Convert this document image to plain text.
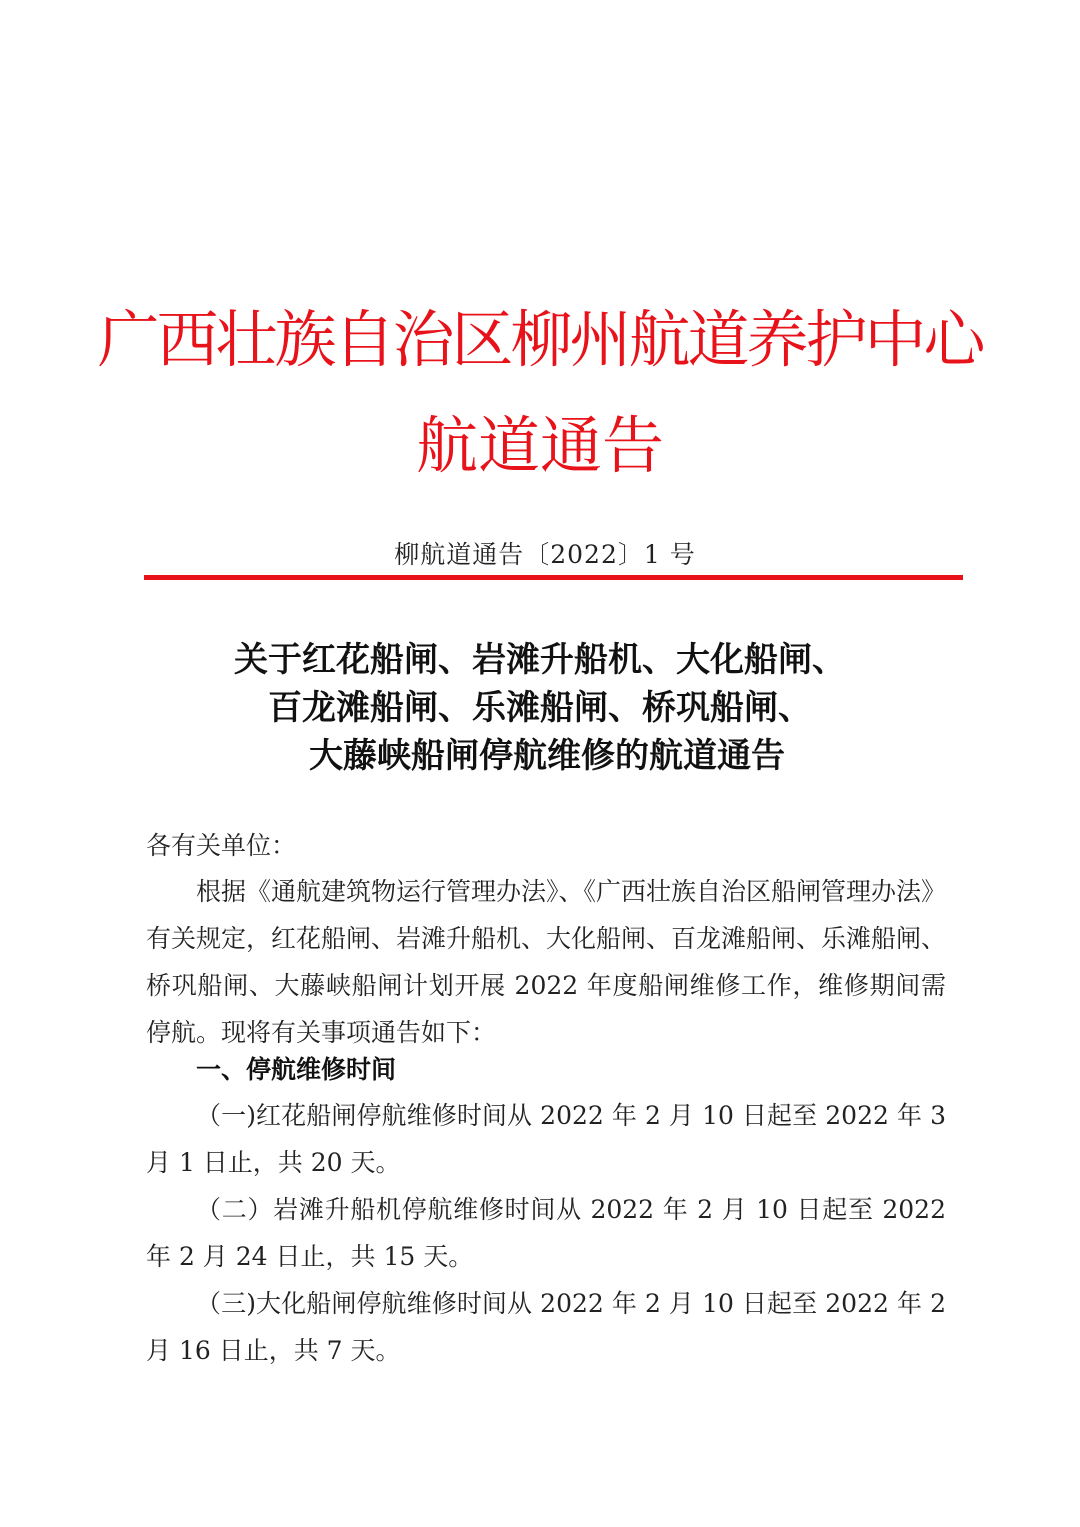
广西壮族自治区柳州航道养护中心
航道通告
柳航道通告〔2022〕1 号
关于红花船闸、岩滩升船机、大化船闸、
百龙滩船闸、乐滩船闸、桥巩船闸、
大藤峡船闸停航维修的航道通告
各有关单位：

根据《通航建筑物运行管理办法》、《广西壮族自治区船闸管理办法》有关规定，红花船闸、岩滩升船机、大化船闸、百龙滩船闸、乐滩船闸、桥巩船闸、大藤峡船闸计划开展 2022 年度船闸维修工作，维修期间需停航。现将有关事项通告如下：

一、停航维修时间

（一)红花船闸停航维修时间从 2022 年 2 月 10 日起至 2022 年 3 月 1 日止，共 20 天。

（二）岩滩升船机停航维修时间从 2022 年 2 月 10 日起至 2022 年 2 月 24 日止，共 15 天。

（三)大化船闸停航维修时间从 2022 年 2 月 10 日起至 2022 年 2 月 16 日止，共 7 天。
